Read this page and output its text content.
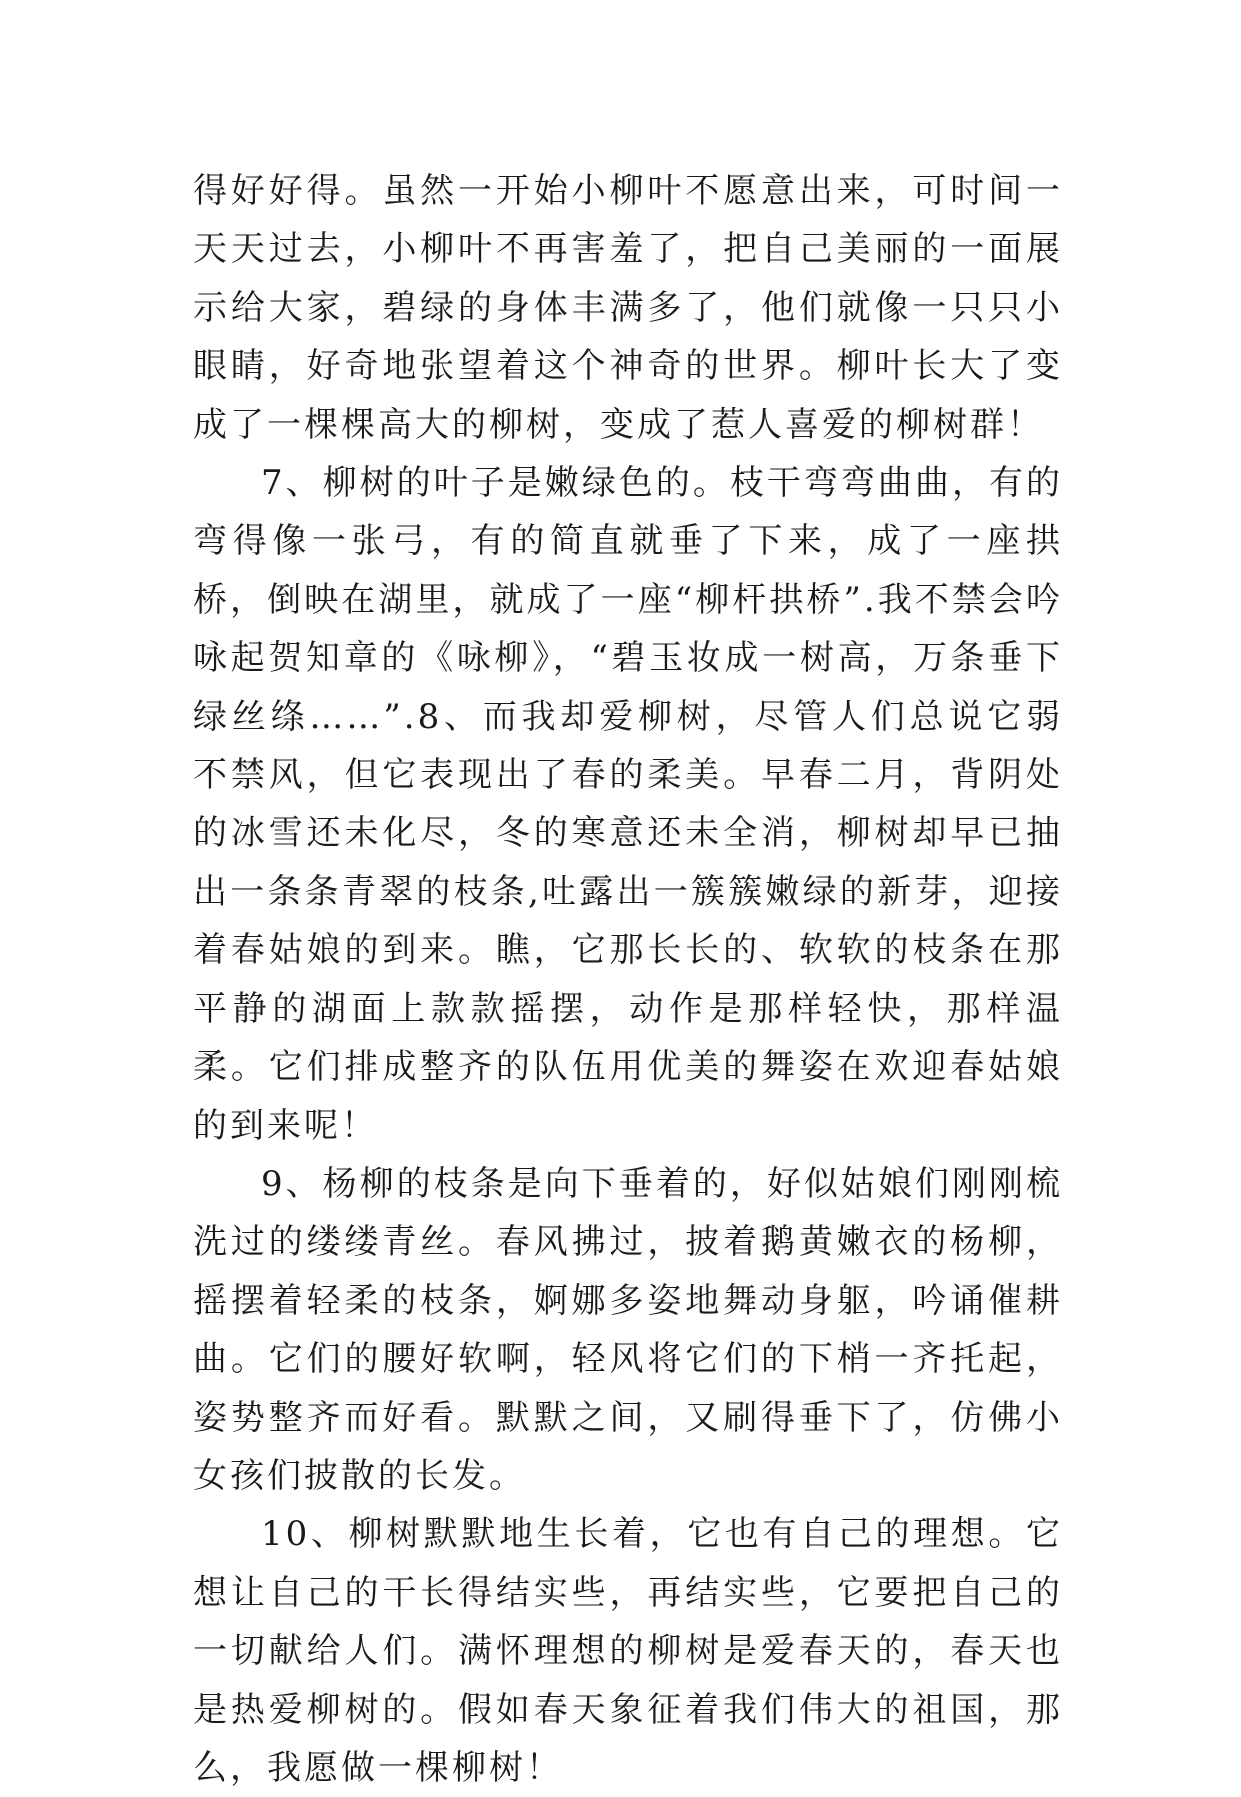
得好好得。虽然一开始小柳叶不愿意出来，可时间一天天过去，小柳叶不再害羞了，把自己美丽的一面展示给大家，碧绿的身体丰满多了，他们就像一只只小眼睛，好奇地张望着这个神奇的世界。柳叶长大了变成了一棵棵高大的柳树，变成了惹人喜爱的柳树群！

7、柳树的叶子是嫩绿色的。枝干弯弯曲曲，有的弯得像一张弓，有的简直就垂了下来，成了一座拱桥，倒映在湖里，就成了一座“柳杆拱桥”.我不禁会吟咏起贺知章的《咏柳》，“碧玉妆成一树高，万条垂下绿丝绦……”.8、而我却爱柳树，尽管人们总说它弱不禁风，但它表现出了春的柔美。早春二月，背阴处的冰雪还未化尽，冬的寒意还未全消，柳树却早已抽出一条条青翠的枝条,吐露出一簇簇嫩绿的新芽，迎接着春姑娘的到来。瞧，它那长长的、软软的枝条在那平静的湖面上款款摇摆，动作是那样轻快，那样温柔。它们排成整齐的队伍用优美的舞姿在欢迎春姑娘的到来呢！

9、杨柳的枝条是向下垂着的，好似姑娘们刚刚梳洗过的缕缕青丝。春风拂过，披着鹅黄嫩衣的杨柳，摇摆着轻柔的枝条，婀娜多姿地舞动身躯，吟诵催耕曲。它们的腰好软啊，轻风将它们的下梢一齐托起，姿势整齐而好看。默默之间，又刷得垂下了，仿佛小女孩们披散的长发。

10、柳树默默地生长着，它也有自己的理想。它想让自己的干长得结实些，再结实些，它要把自己的一切献给人们。满怀理想的柳树是爱春天的，春天也是热爱柳树的。假如春天象征着我们伟大的祖国，那么，我愿做一棵柳树！
